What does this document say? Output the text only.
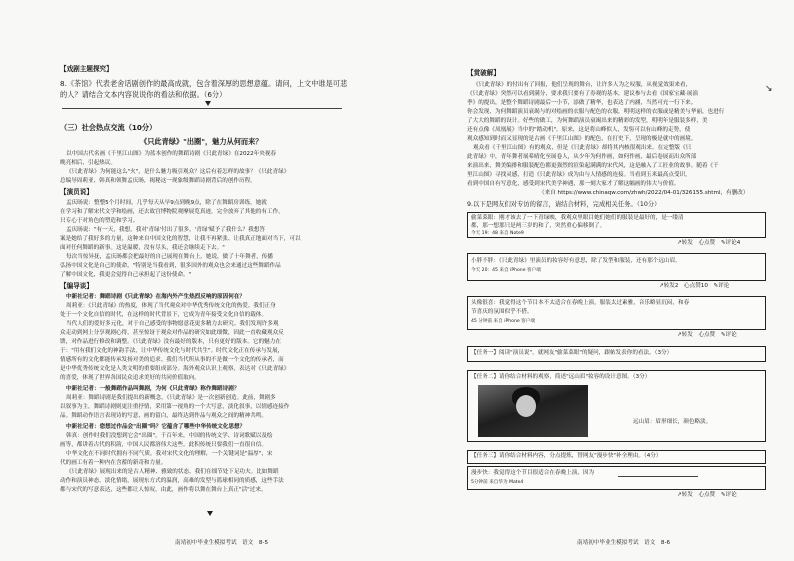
【戏剧主题探究】
8.《茶馆》代表老舍话剧创作的最高成就，包含着深厚的思想意蕴。请问，上文中谁是可悲
的人？请结合文本内容说说你的看法和依据。（6分）
（三）社会热点交流（10分）
《只此青绿》"出圈"，魅力从何而来？
以中国古代名画《千里江山图》为蓝本创作的舞蹈诗剧《只此青绿》在2022年央视春
晚亮相后，引起热议。
《只此青绿》为何能这么"火"，是什么魅力吸引观众？这后有着怎样的故事？《只此青绿》
总编导周莉亚、韩真和领舞孟庆旸，揭秘这一现象级舞蹈诗剧背后的创作历程。
【演员说】
孟庆旸说：整整5个月时间，几乎每天从早9点到晚9点，除了在舞蹈房训练，她就
在学习和了解宋代文学和绘画，还去故宫博物院观摩展览真迹，完全放弃了其他的有工作，
只专心于对角色的塑造和学习。
孟庆旸说："有一天，我想，我对'青绿'付出了很多，'青绿'赋予了我什么？我想答
案是她给了我好多的力量，这种来自中国文化的智慧，让我不再紧张、让我真正地面对当下，可以
面对任何舞蹈的新事。这是温暖，没有尽头，我还会继续走下去。"
每次当惊异抚，孟庆旸都会把最好的自己展现在舞台上。她说，做了十年舞者，传播
弘扬中国文化是自己的使命，"特别是当我看到，很多国外的观众也会来通过这些舞蹈作品
了解中国文化，我更会觉得自己承担起了这份使命。"
【编导谈】
中新社记者：舞蹈诗剧《只此青绿》在海内外产生热烈反响的原因何在？
周莉亚：《只此青绿》的热度，体现了当代观众对中华优秀传统文化的热爱。我们正身
处于一个文化自信的时代，在这样的时代背景下，它成为青年接受文化自信的载体。
当代人们的爱好多元化，对于自己感受的事物愿意花更多精力去研究。我们发现许多观
众走动到网上分享观剧心得，甚至惊讶于观众对作品的研究如此细微，因此一直收藏观众反
馈，对作品进行修改和调整。《只此青绿》没有最好的版本，只有更好的版本。它的魅力在
于："用有我们文化的神韵手法，让中华传统文化与时代共生"。时代文化正在传承与发展，
情感所有的文化都能传承发扬对美的追求。我们当代所从事的不是做一个文化的传承者，而
是中华优秀传统文化是人类文明的重要组成部分。海外观众认识上观察，表达对《只此青绿》
的喜爱，体现了世界各国民众追求美好的共同价值取向。
中新社记者：一般舞蹈作品叫舞剧，为何《只此青绿》称作舞蹈诗剧？
周莉亚：舞蹈诗剧是我们提出的新概念，《只此青绿》是一次创新创造。此前，舞剧多
以叙事为主，舞蹈诗剧则更注重抒情，采用第一视角的一个大写意，淡化叙事，以情感连接作
品。舞蹈动作语言表现诗的写意，画的留白，最终达到作品与观众之间的精神共鸣。
中新社记者：您想过作品会"出圈"吗？它蕴含了哪些中华传统文化思想？
韩真：创作时我们没想到它会"出圈"。千百年来，中国的传统文学、诗词歌赋以及绘
画等，都讲着古代的积韵，中国人民都溶伟大这些。此积传统只要我们一直很自信。
中华文化在不同时代拥有不同气质。我对宋代文化的理解，一个关键词是"温厚"，宋
代的画工有着一种内在含蓄的新奇和力量。
《只此青绿》展现出来的是古人精神、雅致的状态，我们在细节处下足功夫。比如舞蹈
动作和演员神态，淡化情绪，展现东方式的温润，高难的发型与篮球相同的质感，这些手法
都与宋代的写意表达，这些都让人惊叹。由此，画作将以舞在舞台上真正"活"过来。
南靖初中毕业生模拟考试　语文　8-5
↘
【赏破解】
《只此青绿》的付出有了回报，他们呈现的舞台，让许多人为之叹服，从视觉效果来看，
《只此青绿》突然可以看到满分，要求我只要有了券观的基本，建议参与去看《国家宝藏·展演
季》的提出，是整个舞蹈诗剧最后一小节，添做了精华，也表达了内涵，当然可充一行下来。
你会发现，为何舞蹈演员衰竭与的对绘画的衣服与配色的衣服，明明这样的衣服或是精美与华丽，也进行
了大大的舞蹈的设计。好些的做工，为何舞蹈演员衰竭出来的精彩的发型，明明年是服装多样，美
还有点像《凤凰展》当中的"踏动机"。原来，这是将山峰似人，发髻可以有山峰的走势，使
观众感知到时而又显现的是古画《千里江山图》的配色，在打史下，呈现的极是就中的画境。
观众看《千里江山图》有的观众，但是《只此青绿》却将其内核很观出来。在定整版《只
此青绿》中，青年舞者展希晴化至展卷人，从少年为何作画，如何作画，最后卷展而出众所部
来演出来，舞美编排和服装配色都更强烈的渲染起满满的宋代风，这是融入了工匠业的故事。随着《千
里江山图》寻找灵感，打造《只此青绿》成为由与人情感的连接。当看到玉米最高点受识，
看到中国自有写意化，感受到宋代美学神遇，那一刻大家才了解这幅画的伟大与价值。
（来自 https://www.chinaqw.com/zhwh/2022/04-01/326155.shtml，有删改）
9.以下是网友们对专访的留言，请结合材料，完成相关任务。（10分）
偷菜菜眼：刚才该去了一下青绿映，我观众里眼目她们她们的服装是最好的，是一缕清
都，那一想那只是两三岁的和了，突然重心偏移倒了。
今天 19：48 来自 Note9
↗转发　心点赞　✎评论4
小胖不胖：《只此青绿》里演员的妆容好有意思，除了发型和服装，还有那个远山眉。
今天 20：45 来自 iPhone 客户端
↗转发2　心点赞10　✎评论
头像很喜：我觉得这个节目本不太适合在春晚上演，服装太过素雅，音乐略显沉闷，和春
节喜庆的氛围似乎不搭。
45 分钟前 来自 iPhone 客户端
↗转发　心点赞　✎评论
【任务一】阅读"演员说"，就网友"偷菜菜眼"的疑问，跟帖发表你的看法。（3分）
【任务二】请你结合材料的观察，简述"远山眉"妆容的设计意图。（3分）
远山眉：眉形细长，颜色略淡。
【任务三】请你结合材料内容，分点提炼，替网友"漫步快"补全理由。（4分）
漫步快：我觉得这个节目很适合在春晚上演，因为
5分钟前 来自华为 Mate4
↗转发　心点赞　✎评论
南靖初中毕业生模拟考试　语文　8-6
